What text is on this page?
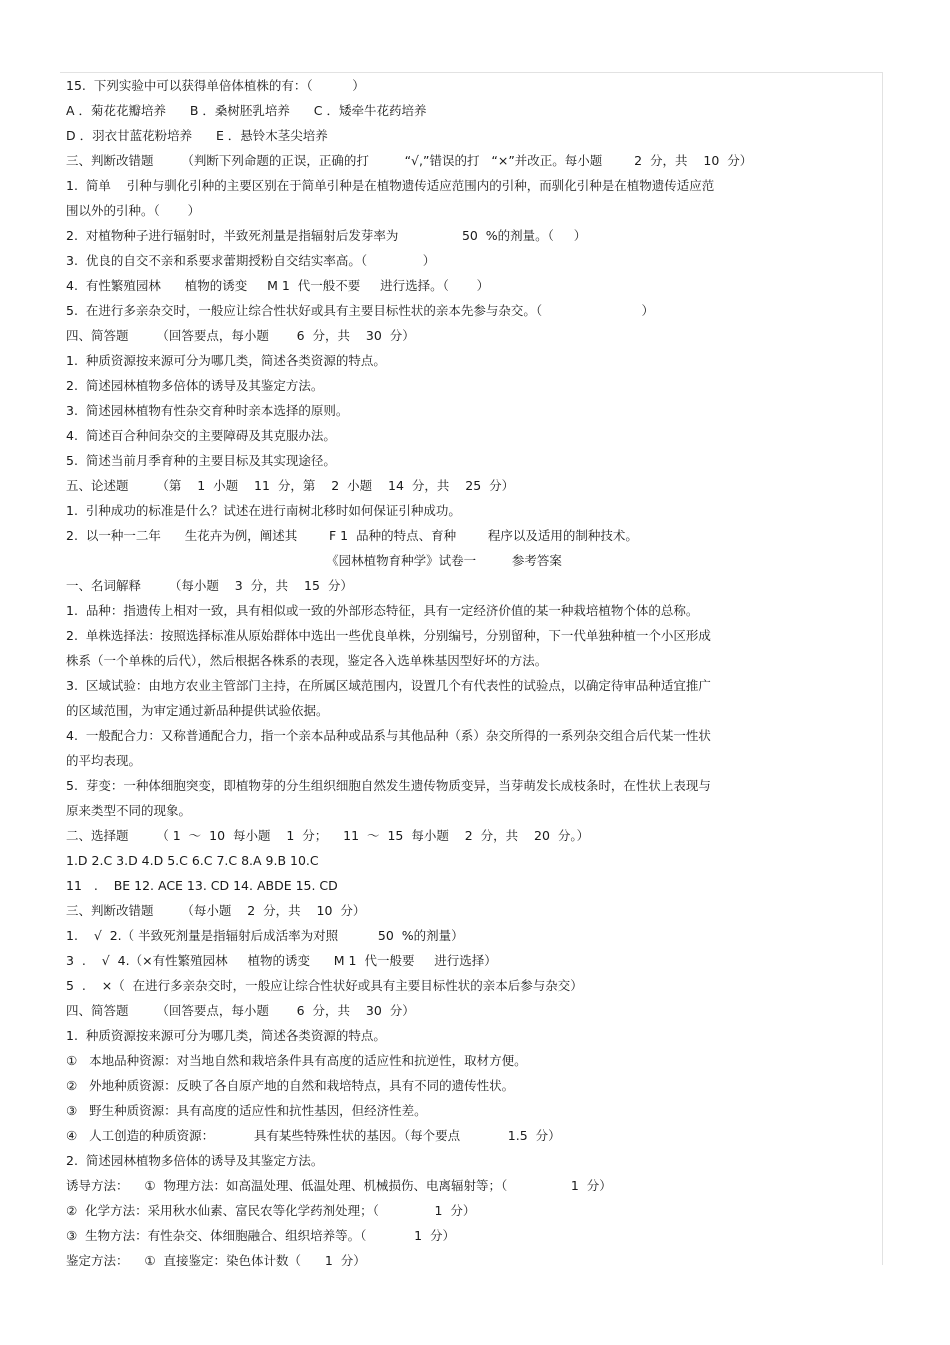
15.  下列实验中可以获得单倍体植株的有：（          ）
A ．菊花花瓣培养      B ．桑树胚乳培养      C ．矮牵牛花药培养
D ．羽衣甘蓝花粉培养      E ．悬铃木茎尖培养
三、判断改错题       （判断下列命题的正误，正确的打         “√,”错误的打   “×”并改正。每小题        2  分，共    10  分）
1.  简单    引种与驯化引种的主要区别在于简单引种是在植物遗传适应范围内的引种，而驯化引种是在植物遗传适应范
围以外的引种。（       ）
2.  对植物种子进行辐射时，半致死剂量是指辐射后发芽率为                50  %的剂量。（     ）
3.  优良的自交不亲和系要求蕾期授粉自交结实率高。（              ）
4.  有性繁殖园林      植物的诱变     M 1  代一般不要     进行选择。（       ）
5.  在进行多亲杂交时，一般应让综合性状好或具有主要目标性状的亲本先参与杂交。（                         ）
四、简答题       （回答要点，每小题       6  分，共    30  分）
1.  种质资源按来源可分为哪几类，简述各类资源的特点。
2.  简述园林植物多倍体的诱导及其鉴定方法。
3.  简述园林植物有性杂交育种时亲本选择的原则。
4.  简述百合种间杂交的主要障碍及其克服办法。
5.  简述当前月季育种的主要目标及其实现途径。
五、论述题       （第    1  小题    11  分，第    2  小题    14  分，共    25  分）
1.  引种成功的标准是什么？试述在进行南树北移时如何保证引种成功。
2.  以一种一二年      生花卉为例，阐述其        F 1  品种的特点、育种        程序以及适用的制种技术。
《园林植物育种学》试卷一         参考答案
一、名词解释       （每小题    3  分，共    15  分）
1.  品种：指遗传上相对一致，具有相似或一致的外部形态特征，具有一定经济价值的某一种栽培植物个体的总称。
2.  单株选择法：按照选择标准从原始群体中选出一些优良单株，分别编号，分别留种，下一代单独种植一个小区形成
株系（一个单株的后代），然后根据各株系的表现，鉴定各入选单株基因型好坏的方法。
3.  区域试验：由地方农业主管部门主持，在所属区域范围内，设置几个有代表性的试验点，以确定待审品种适宜推广
的区域范围，为审定通过新品种提供试验依据。
4.  一般配合力：又称普通配合力，指一个亲本品种或品系与其他品种（系）杂交所得的一系列杂交组合后代某一性状
的平均表现。
5.  芽变：一种体细胞突变，即植物芽的分生组织细胞自然发生遗传物质变异，当芽萌发长成枝条时，在性状上表现与
原来类型不同的现象。
二、选择题       （ 1  ～  10  每小题    1  分；    11  ～  15  每小题    2  分，共    20  分。）
1.D 2.C 3.D 4.D 5.C 6.C 7.C 8.A 9.B 10.C
11   .    BE 12. ACE 13. CD 14. ABDE 15. CD
三、判断改错题       （每小题    2  分，共    10  分）
1.    √  2.（ 半致死剂量是指辐射后成活率为对照          50  %的剂量）
3  .    √  4.（×有性繁殖园林     植物的诱变      M 1  代一般要     进行选择）
5  .    ×（  在进行多亲杂交时，一般应让综合性状好或具有主要目标性状的亲本后参与杂交）
四、简答题       （回答要点，每小题       6  分，共    30  分）
1.  种质资源按来源可分为哪几类，简述各类资源的特点。
①   本地品种资源：对当地自然和栽培条件具有高度的适应性和抗逆性，取材方便。
②   外地种质资源：反映了各自原产地的自然和栽培特点，具有不同的遗传性状。
③   野生种质资源：具有高度的适应性和抗性基因，但经济性差。
④   人工创造的种质资源：          具有某些特殊性状的基因。（每个要点            1.5  分）
2.  简述园林植物多倍体的诱导及其鉴定方法。
诱导方法：    ①  物理方法：如高温处理、低温处理、机械损伤、电离辐射等；（                1  分）
②  化学方法：采用秋水仙素、富民农等化学药剂处理；（              1  分）
③  生物方法：有性杂交、体细胞融合、组织培养等。（            1  分）
鉴定方法：    ①  直接鉴定：染色体计数（      1  分）
